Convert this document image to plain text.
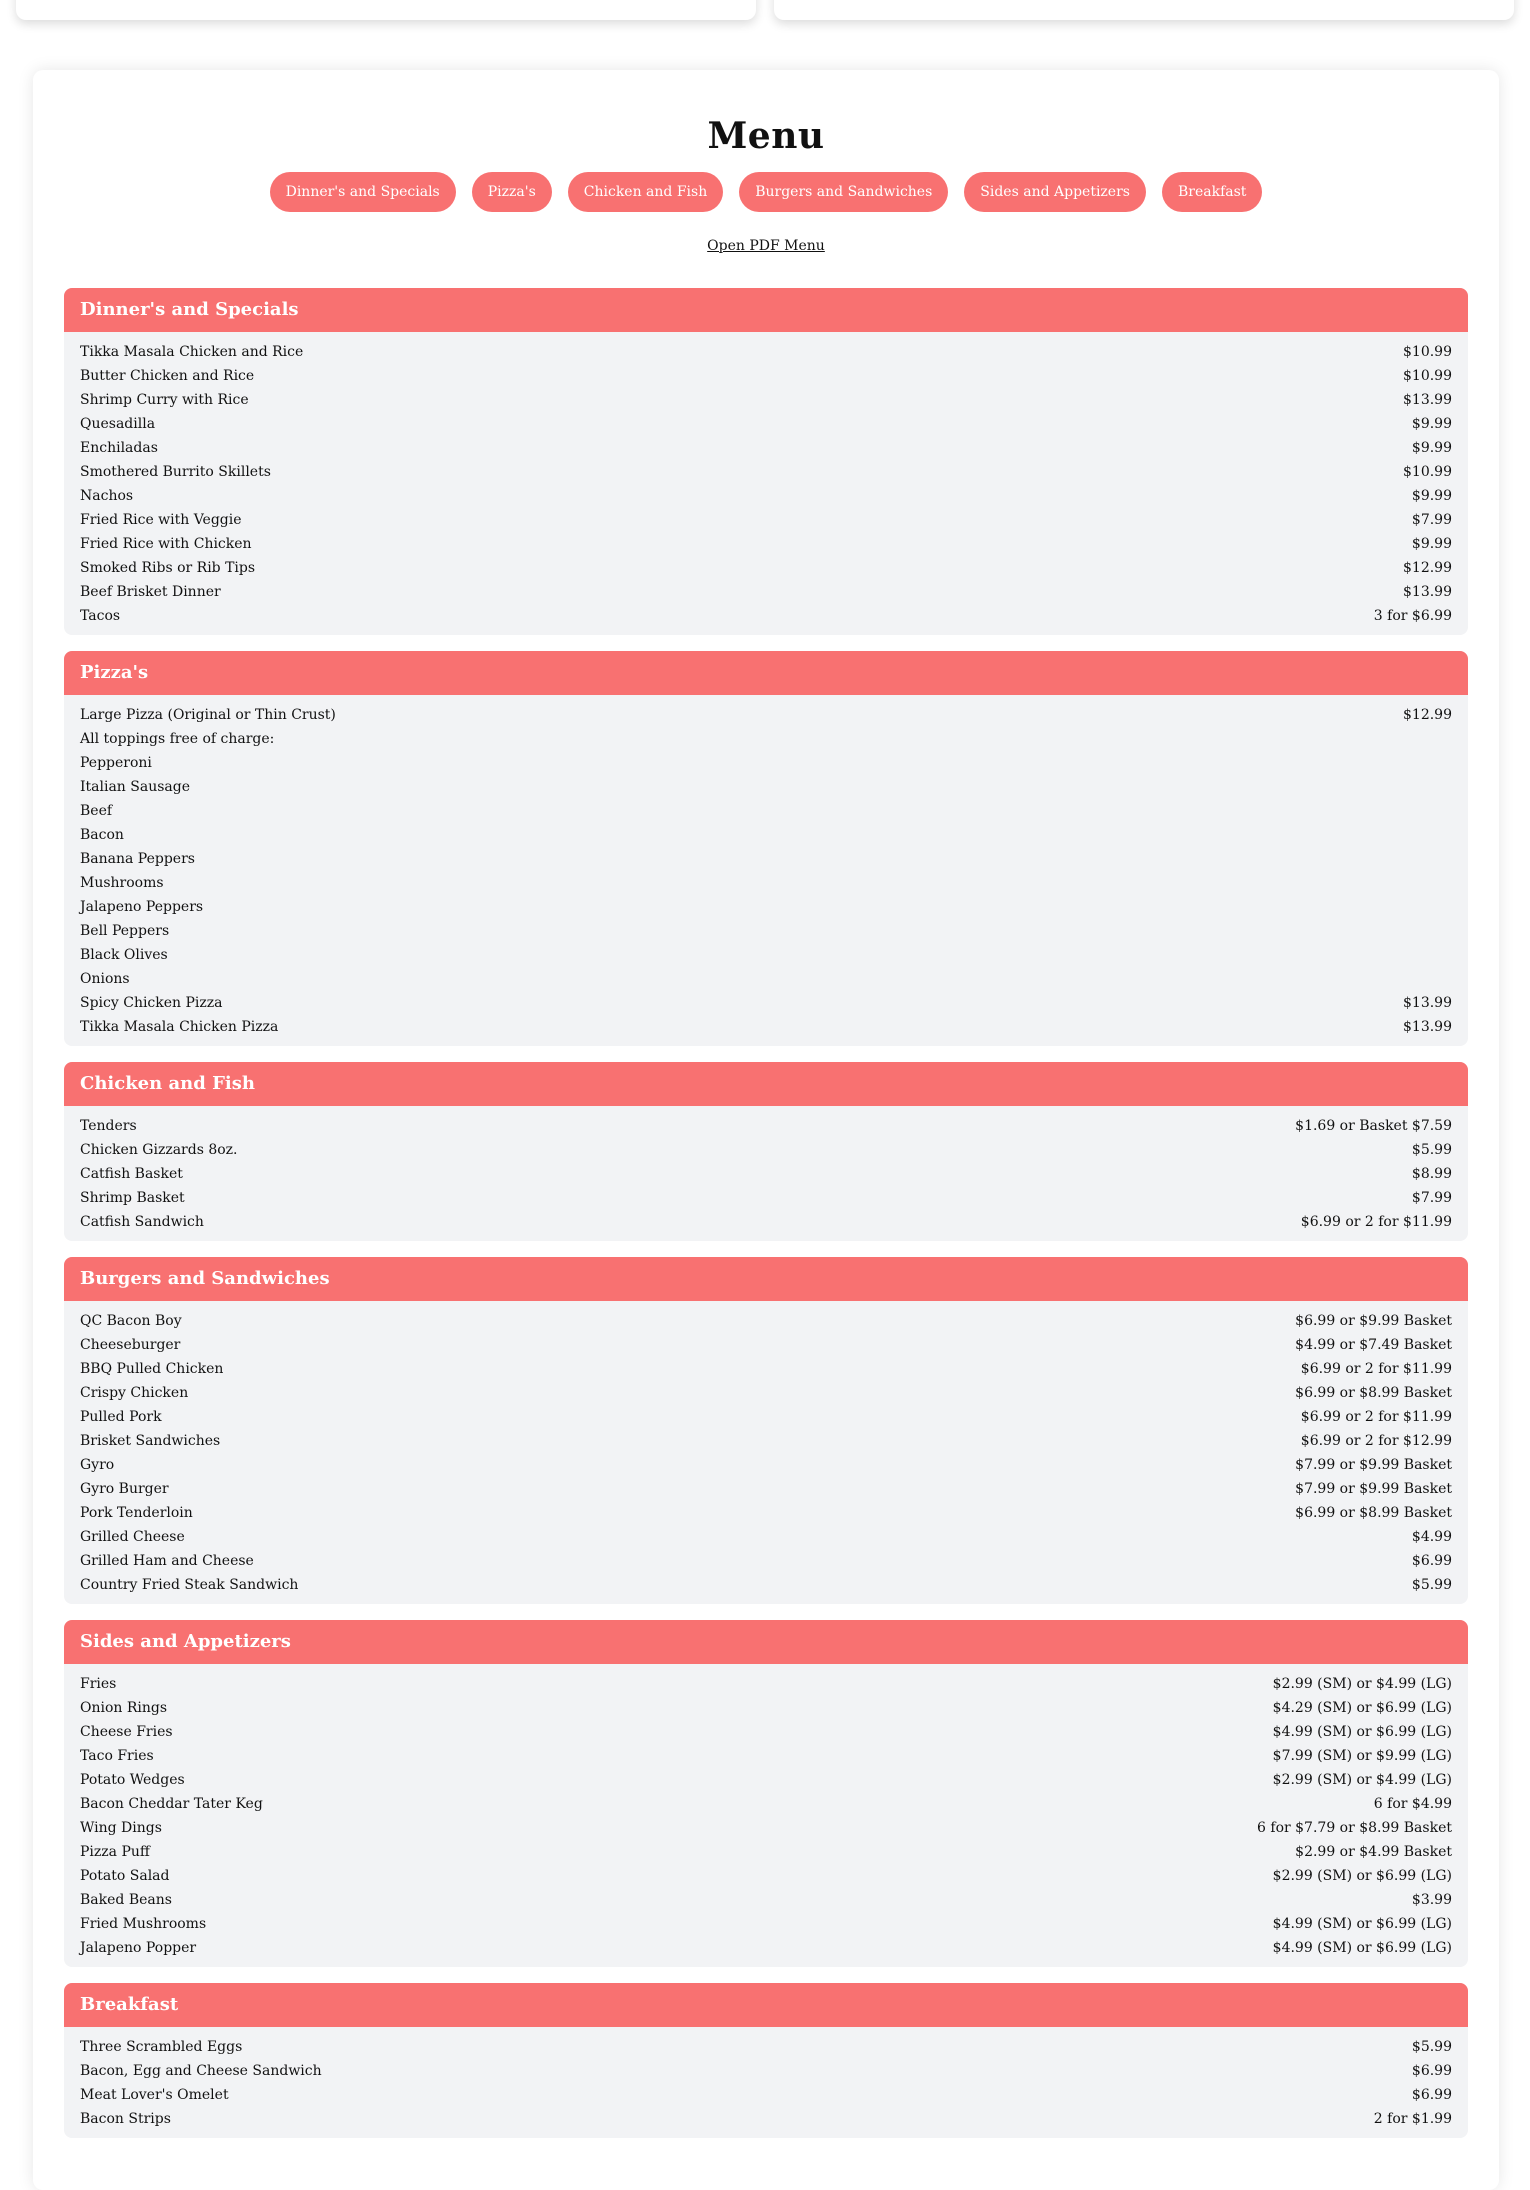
Menu
Dinner's and Specials	Pizza's	Chicken and Fish	Burgers and Sandwiches	Sides and Appetizers	Breakfast
Open PDF Menu
Dinner's and Specials
Tikka Masala Chicken and Rice	$10.99
Butter Chicken and Rice	$10.99
Shrimp Curry with Rice	$13.99
Quesadilla	$9.99
Enchiladas	$9.99
Smothered Burrito Skillets	$10.99
Nachos	$9.99
Fried Rice with Veggie	$7.99
Fried Rice with Chicken	$9.99
Smoked Ribs or Rib Tips	$12.99
Beef Brisket Dinner	$13.99
Tacos	3 for $6.99
Pizza's
Large Pizza (Original or Thin Crust)	$12.99
All toppings free of charge:
Pepperoni
Italian Sausage
Beef
Bacon
Banana Peppers
Mushrooms
Jalapeno Peppers
Bell Peppers
Black Olives
Onions
Spicy Chicken Pizza	$13.99
Tikka Masala Chicken Pizza	$13.99
Chicken and Fish
Tenders	$1.69 or Basket $7.59
Chicken Gizzards 8oz.	$5.99
Catfish Basket	$8.99
Shrimp Basket	$7.99
Catfish Sandwich	$6.99 or 2 for $11.99
Burgers and Sandwiches
QC Bacon Boy	$6.99 or $9.99 Basket
Cheeseburger	$4.99 or $7.49 Basket
BBQ Pulled Chicken	$6.99 or 2 for $11.99
Crispy Chicken	$6.99 or $8.99 Basket
Pulled Pork	$6.99 or 2 for $11.99
Brisket Sandwiches	$6.99 or 2 for $12.99
Gyro	$7.99 or $9.99 Basket
Gyro Burger	$7.99 or $9.99 Basket
Pork Tenderloin	$6.99 or $8.99 Basket
Grilled Cheese	$4.99
Grilled Ham and Cheese	$6.99
Country Fried Steak Sandwich	$5.99
Sides and Appetizers
Fries	$2.99 (SM) or $4.99 (LG)
Onion Rings	$4.29 (SM) or $6.99 (LG)
Cheese Fries	$4.99 (SM) or $6.99 (LG)
Taco Fries	$7.99 (SM) or $9.99 (LG)
Potato Wedges	$2.99 (SM) or $4.99 (LG)
Bacon Cheddar Tater Keg	6 for $4.99
Wing Dings	6 for $7.79 or $8.99 Basket
Pizza Puff	$2.99 or $4.99 Basket
Potato Salad	$2.99 (SM) or $6.99 (LG)
Baked Beans	$3.99
Fried Mushrooms	$4.99 (SM) or $6.99 (LG)
Jalapeno Popper	$4.99 (SM) or $6.99 (LG)
Breakfast
Three Scrambled Eggs	$5.99
Bacon, Egg and Cheese Sandwich	$6.99
Meat Lover's Omelet	$6.99
Bacon Strips	2 for $1.99
